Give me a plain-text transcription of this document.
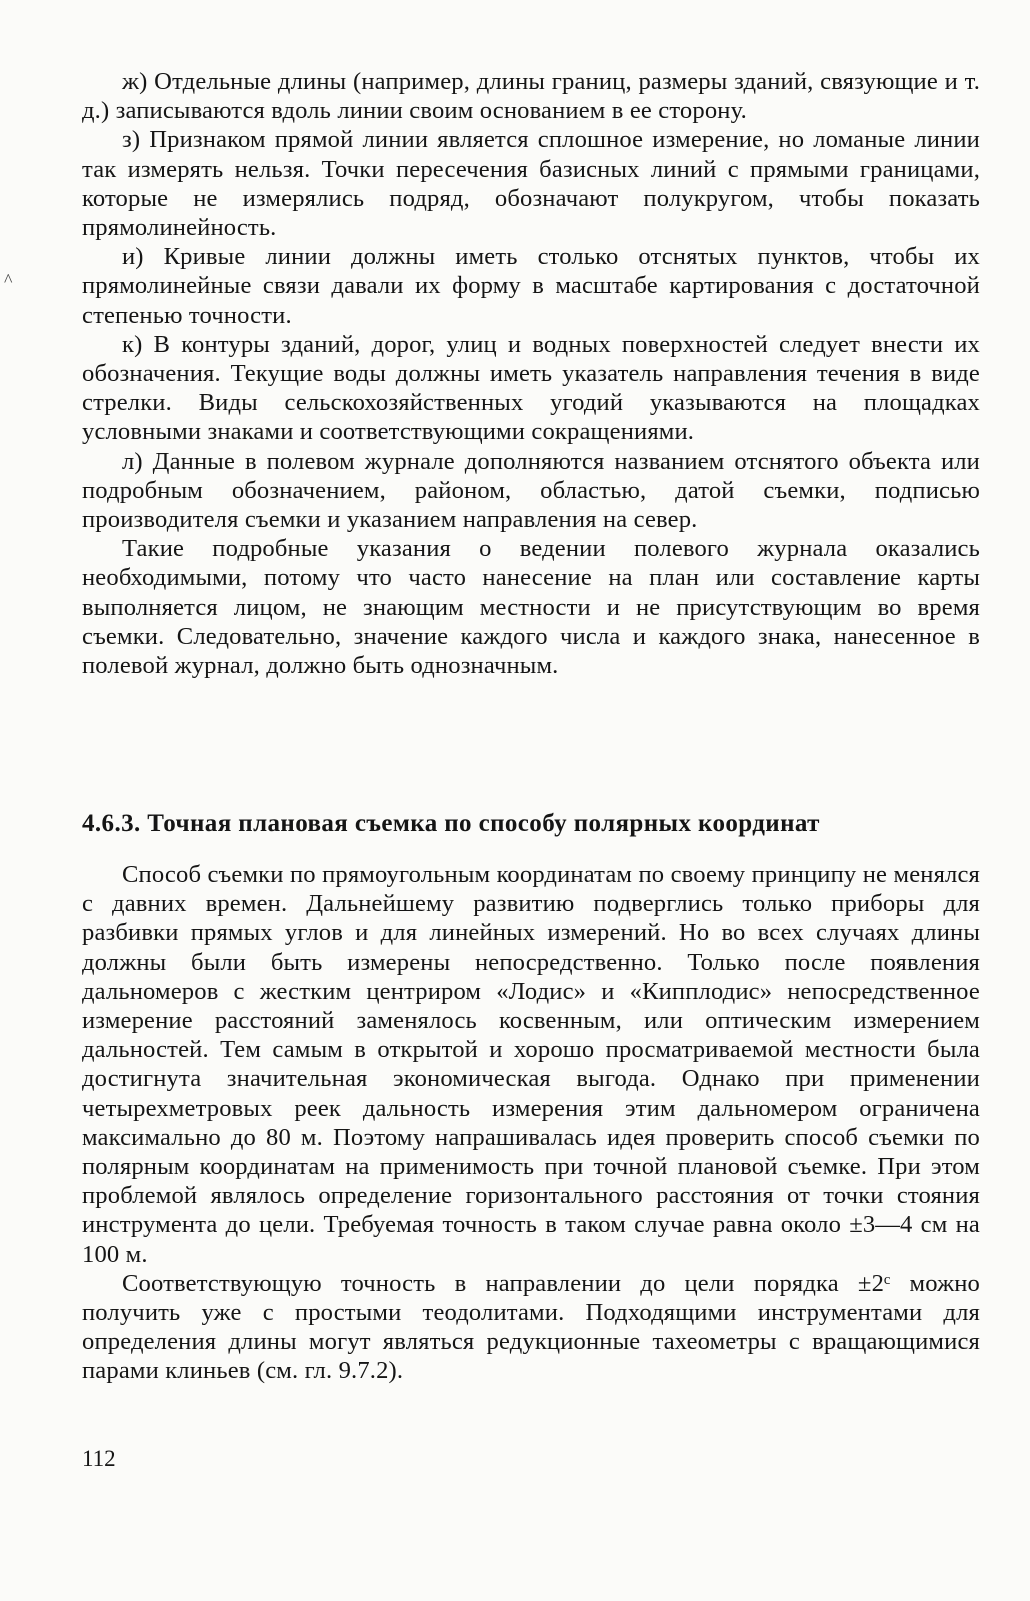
^

ж) Отдельные длины (например, длины границ, размеры зданий, связующие и т. д.) записываются вдоль линии своим основанием в ее сторону.

з) Признаком прямой линии является сплошное измерение, но ломаные линии так измерять нельзя. Точки пересечения базисных линий с прямыми границами, которые не измерялись подряд, обозначают полукругом, чтобы показать прямолинейность.

и) Кривые линии должны иметь столько отснятых пунктов, чтобы их прямолинейные связи давали их форму в масштабе картирования с достаточной степенью точности.

к) В контуры зданий, дорог, улиц и водных поверхностей следует внести их обозначения. Текущие воды должны иметь указатель направления течения в виде стрелки. Виды сельскохозяйственных угодий указываются на площадках условными знаками и соответствующими сокращениями.

л) Данные в полевом журнале дополняются названием отснятого объекта или подробным обозначением, районом, областью, датой съемки, подписью производителя съемки и указанием направления на север.

Такие подробные указания о ведении полевого журнала оказались необходимыми, потому что часто нанесение на план или составление карты выполняется лицом, не знающим местности и не присутствующим во время съемки. Следовательно, значение каждого числа и каждого знака, нанесенное в полевой журнал, должно быть однозначным.

4.6.3. Точная плановая съемка по способу полярных координат

Способ съемки по прямоугольным координатам по своему принципу не менялся с давних времен. Дальнейшему развитию подверглись только приборы для разбивки прямых углов и для линейных измерений. Но во всех случаях длины должны были быть измерены непосредственно. Только после появления дальномеров с жестким центриром «Лодис» и «Кипплодис» непосредственное измерение расстояний заменялось косвенным, или оптическим измерением дальностей. Тем самым в открытой и хорошо просматриваемой местности была достигнута значительная экономическая выгода. Однако при применении четырехметровых реек дальность измерения этим дальномером ограничена максимально до 80 м. Поэтому напрашивалась идея проверить способ съемки по полярным координатам на применимость при точной плановой съемке. При этом проблемой являлось определение горизонтального расстояния от точки стояния инструмента до цели. Требуемая точность в таком случае равна около ±3—4 см на 100 м.

Соответствующую точность в направлении до цели порядка ±2ᶜ можно получить уже с простыми теодолитами. Подходящими инструментами для определения длины могут являться редукционные тахеометры с вращающимися парами клиньев (см. гл. 9.7.2).

112
